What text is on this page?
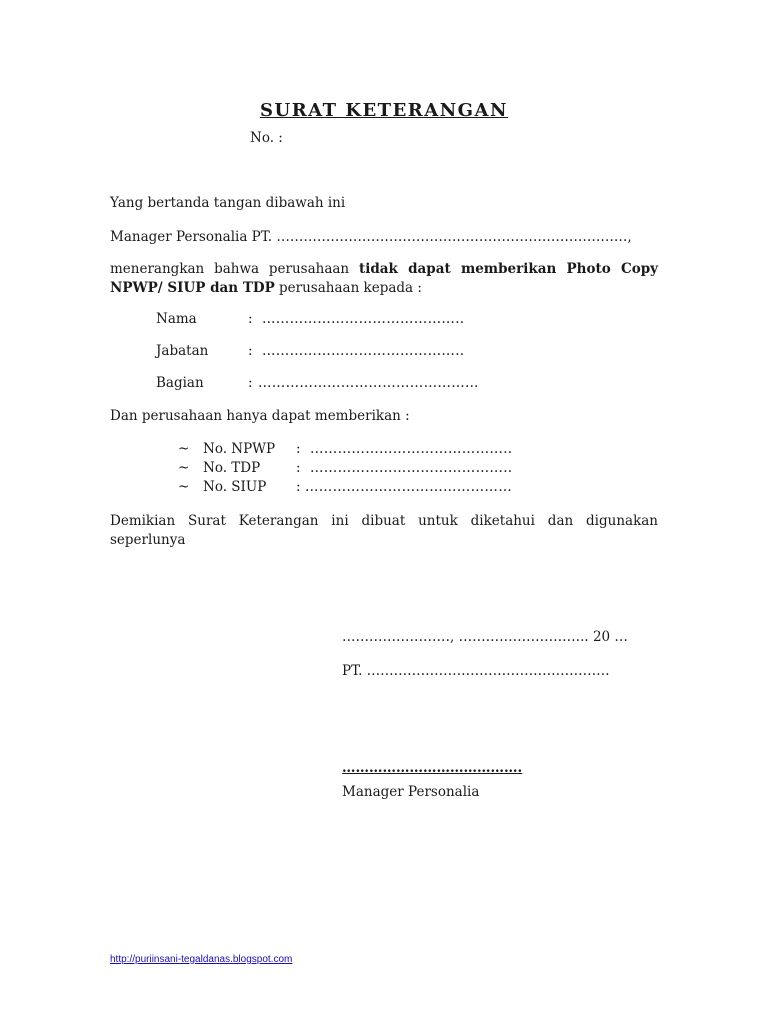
SURAT KETERANGAN
No. :
Yang bertanda tangan dibawah ini
Manager Personalia PT. ……………………………………………………………………,
menerangkan bahwa perusahaan tidak dapat memberikan Photo Copy NPWP/ SIUP dan TDP perusahaan kepada :
Nama	: ……………………………………..
Jabatan	: ……………………………………..
Bagian	: …………………………………………
Dan perusahaan hanya dapat memberikan :
~ No. NPWP : ……………………………………..
~ No. TDP	: ……………………………………..
~ No. SIUP : ………………………………………
Demikian Surat Keterangan ini dibuat untuk diketahui dan digunakan seperlunya
……………………, ……………………….. 20 …
PT. ………………………………………………
………………………………….
Manager Personalia
http://puriinsani-tegaldanas.blogspot.com
